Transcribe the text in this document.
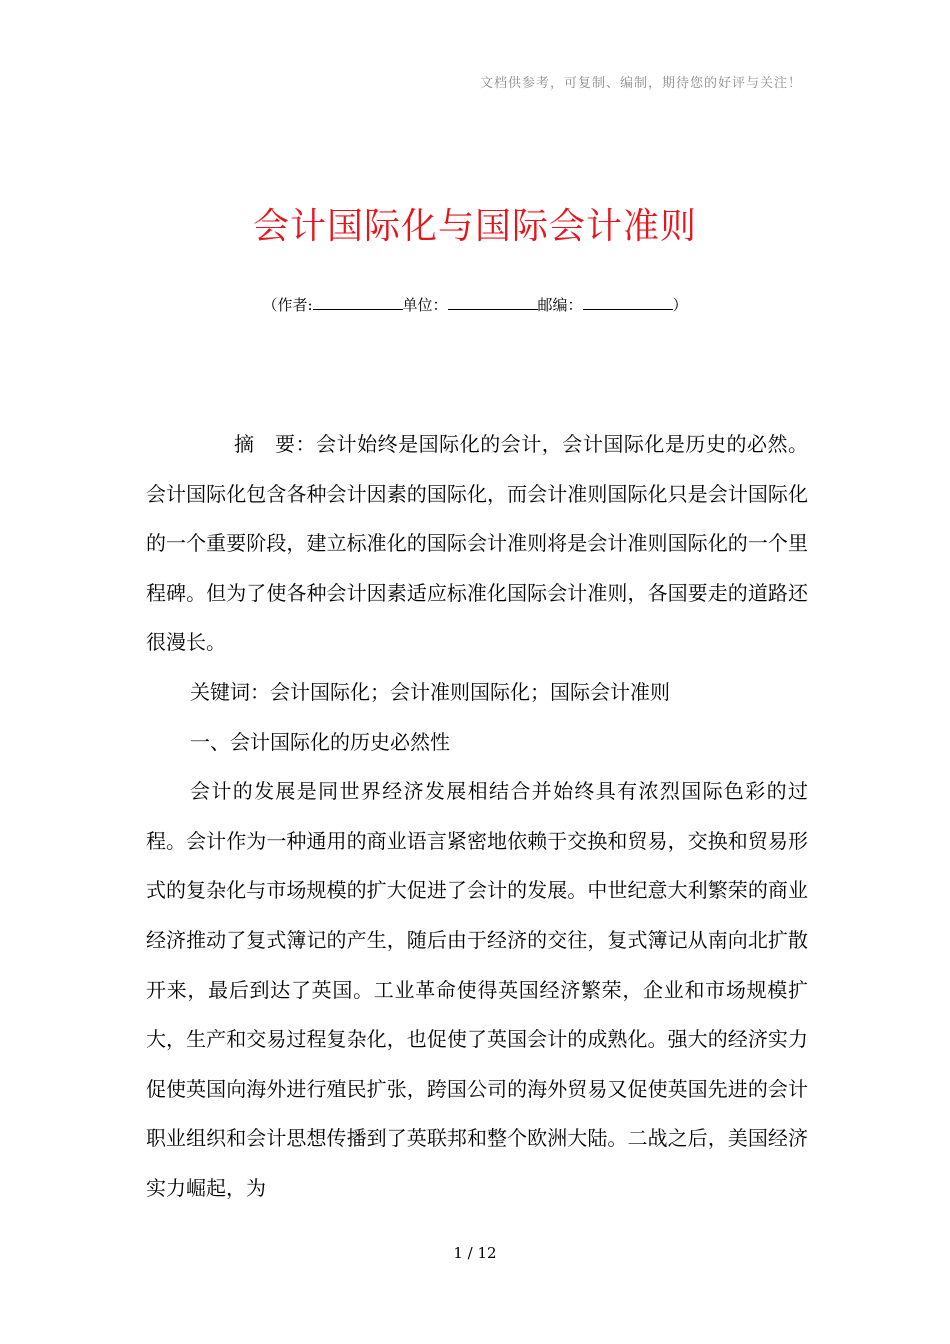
文档供参考，可复制、编制，期待您的好评与关注！
会计国际化与国际会计准则
（作者:	单位：	邮编：	）

摘　要：会计始终是国际化的会计，会计国际化是历史的必然。会计国际化包含各种会计因素的国际化，而会计准则国际化只是会计国际化的一个重要阶段，建立标准化的国际会计准则将是会计准则国际化的一个里程碑。但为了使各种会计因素适应标准化国际会计准则，各国要走的道路还很漫长。

关键词：会计国际化；会计准则国际化；国际会计准则

一、会计国际化的历史必然性

会计的发展是同世界经济发展相结合并始终具有浓烈国际色彩的过程。会计作为一种通用的商业语言紧密地依赖于交换和贸易，交换和贸易形式的复杂化与市场规模的扩大促进了会计的发展。中世纪意大利繁荣的商业经济推动了复式簿记的产生，随后由于经济的交往，复式簿记从南向北扩散开来，最后到达了英国。工业革命使得英国经济繁荣，企业和市场规模扩大，生产和交易过程复杂化，也促使了英国会计的成熟化。强大的经济实力促使英国向海外进行殖民扩张，跨国公司的海外贸易又促使英国先进的会计职业组织和会计思想传播到了英联邦和整个欧洲大陆。二战之后，美国经济实力崛起，为

1 / 12
